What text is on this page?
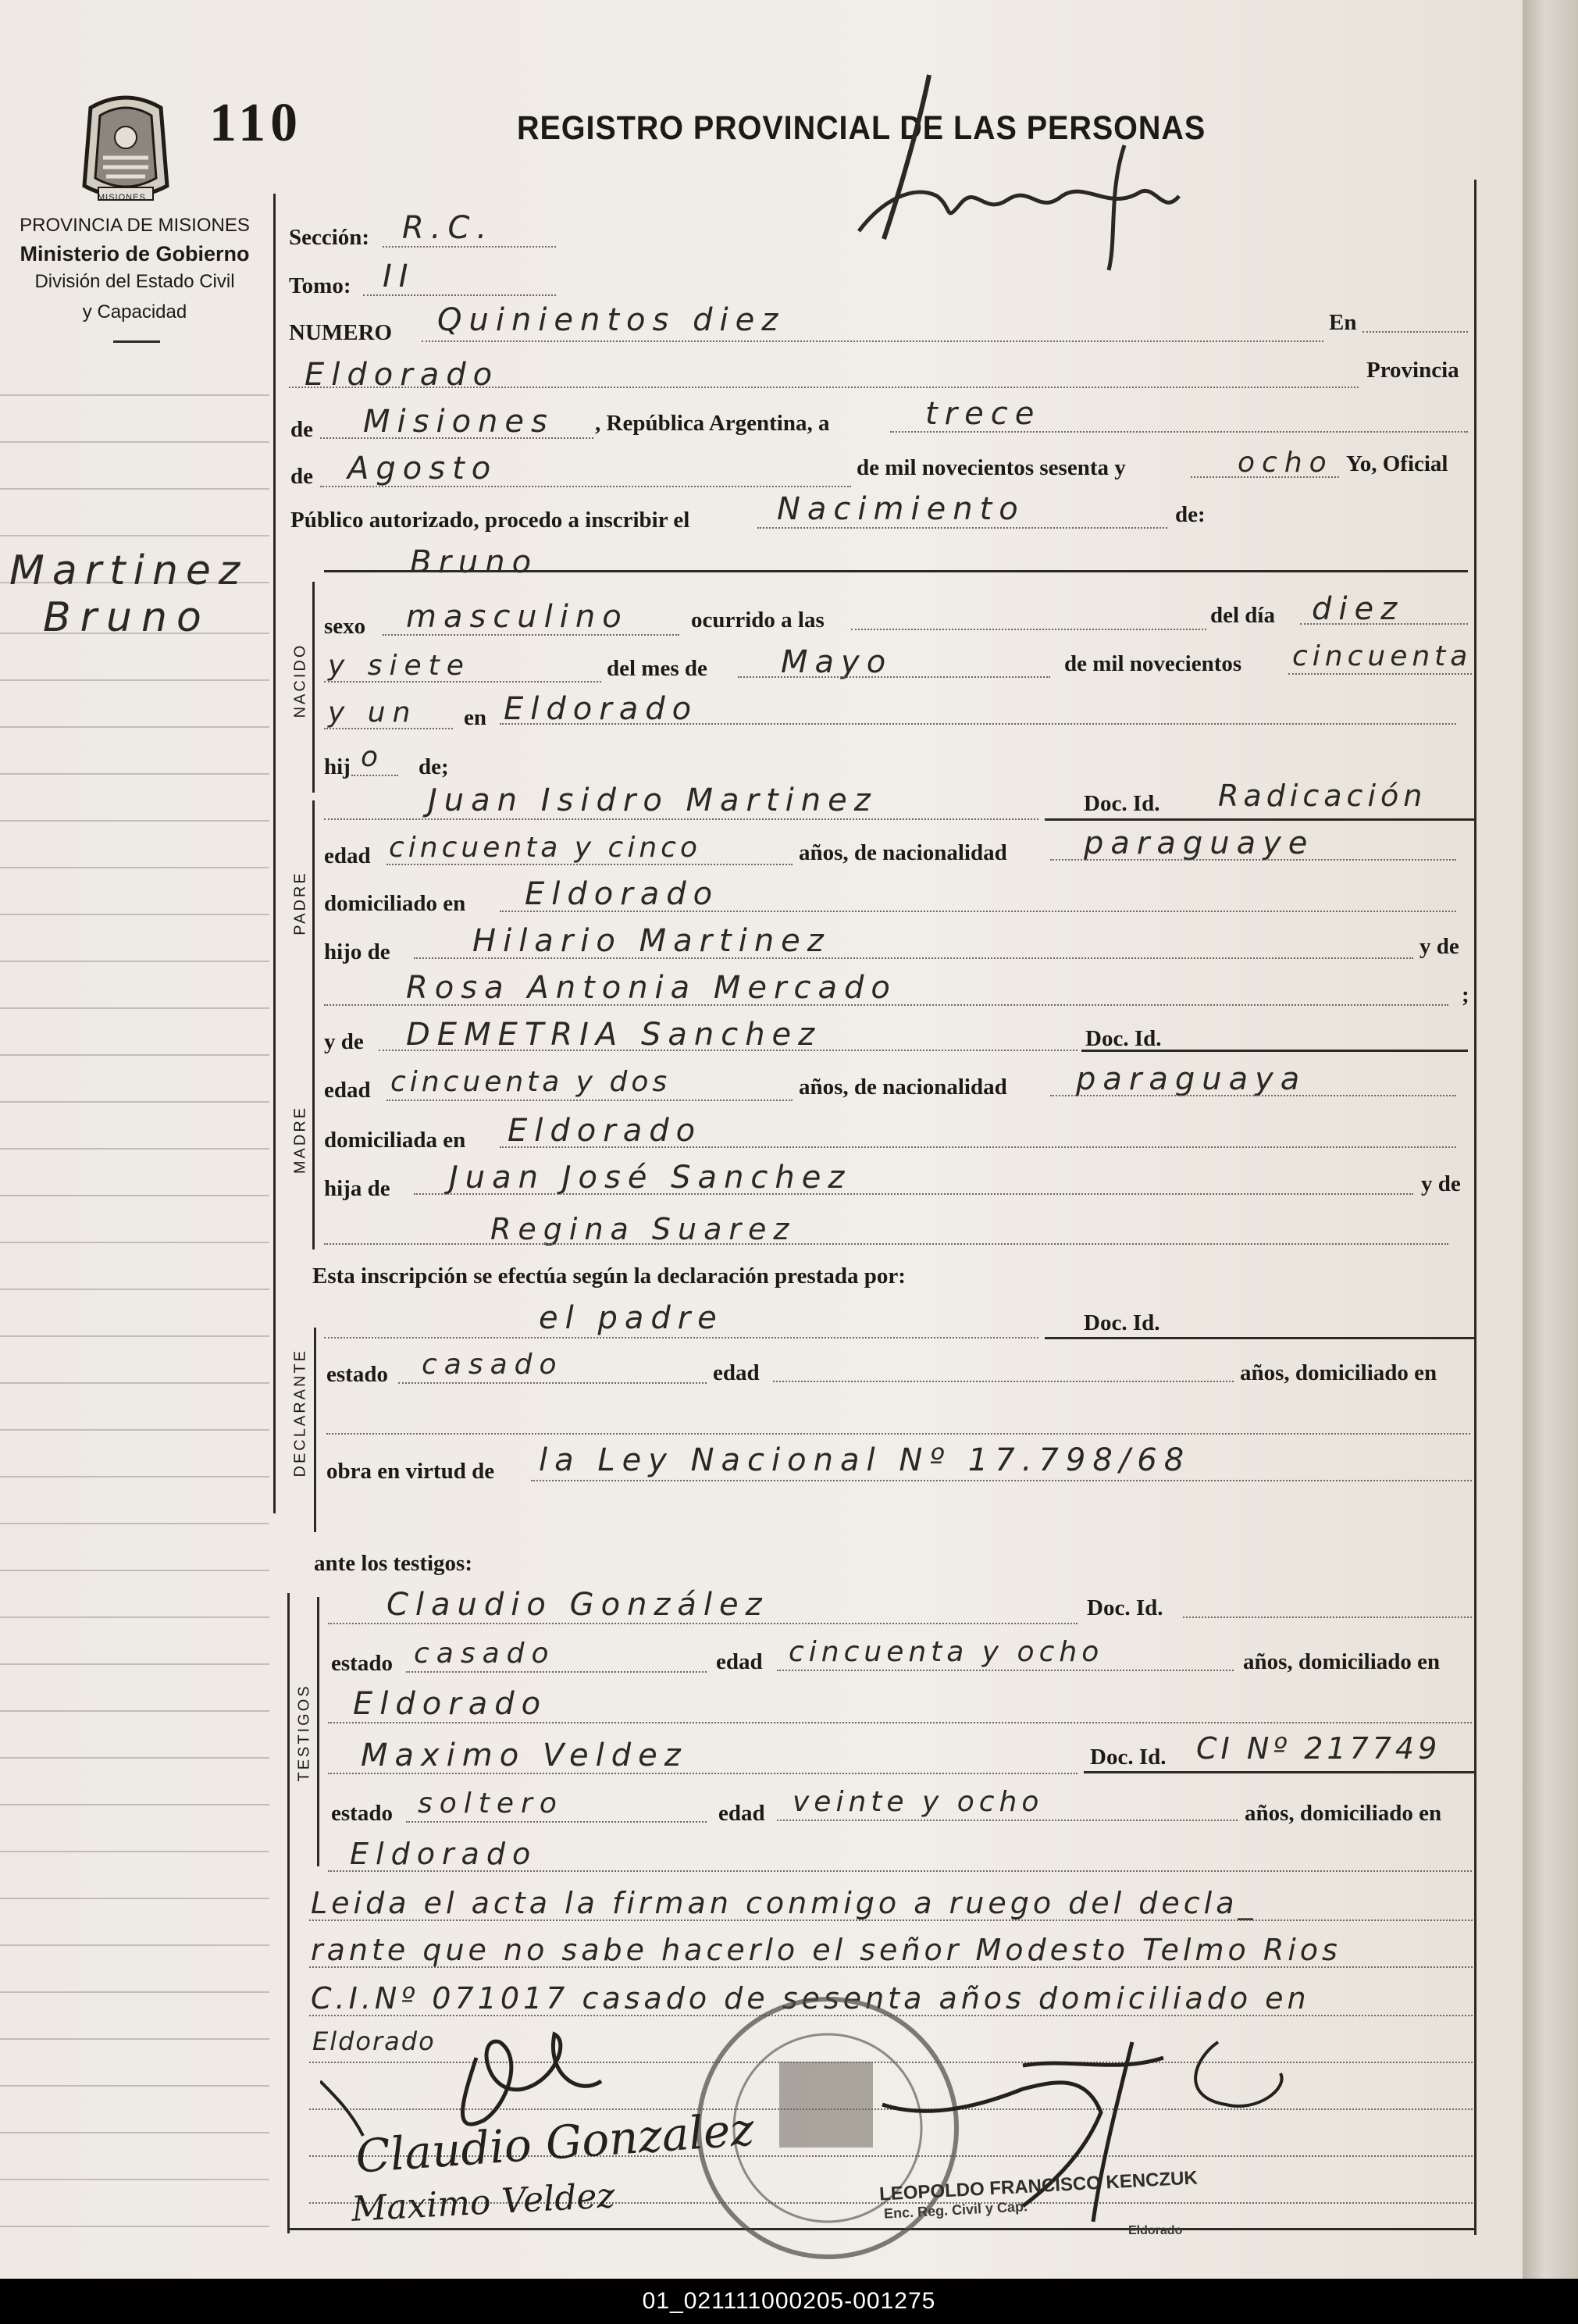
MISIONES
110	REGISTRO PROVINCIAL DE LAS PERSONAS
PROVINCIA DE MISIONES
Ministerio de Gobierno
División del Estado Civil
y Capacidad
Martinez
Bruno
Sección: R.C.
Tomo: II
NUMERO Quinientos diez	En
Eldorado	Provincia
de Misiones , República Argentina, a	trece
de Agosto	de mil novecientos sesenta y	ocho Yo, Oficial
Público autorizado, procedo a inscribir el	Nacimiento	de:
Bruno
NACIDO
sexo masculino	ocurrido a las	del día diez
y siete	del mes de Mayo	de mil novecientos cincuenta
y un en Eldorado
hij o de;
PADRE
Juan Isidro Martinez	Doc. Id. Radicación
edad cincuenta y cinco	años, de nacionalidad paraguaye
domiciliado en Eldorado
hijo de	Hilario Martinez	y de
Rosa Antonia Mercado	;
MADRE
y de DEMETRIA Sanchez	Doc. Id.
edad cincuenta y dos	años, de nacionalidad paraguaya
domiciliada en Eldorado
hija de Juan José Sanchez	y de
Regina Suarez
Esta inscripción se efectúa según la declaración prestada por:
DECLARANTE
el padre	Doc. Id.
estado casado	edad	años, domiciliado en
obra en virtud de la Ley Nacional Nº 17.798/68
ante los testigos:
TESTIGOS
Claudio González	Doc. Id.
estado casado	edad cincuenta y ocho	años, domiciliado en
Eldorado
Maximo Veldez	Doc. Id. CI Nº 217749
estado soltero	edad veinte y ocho	años, domiciliado en
Eldorado
Leida el acta la firman conmigo a ruego del decla_
rante que no sabe hacerlo el señor Modesto Telmo Rios
C.I.Nº 071017 casado de sesenta años domiciliado en
Eldorado
Claudio Gonzalez
Maximo Veldez	LEOPOLDO FRANCISCO KENCZUK
Enc. Reg. Civil y Cap.
Eldorado
01_021111000205-001275
